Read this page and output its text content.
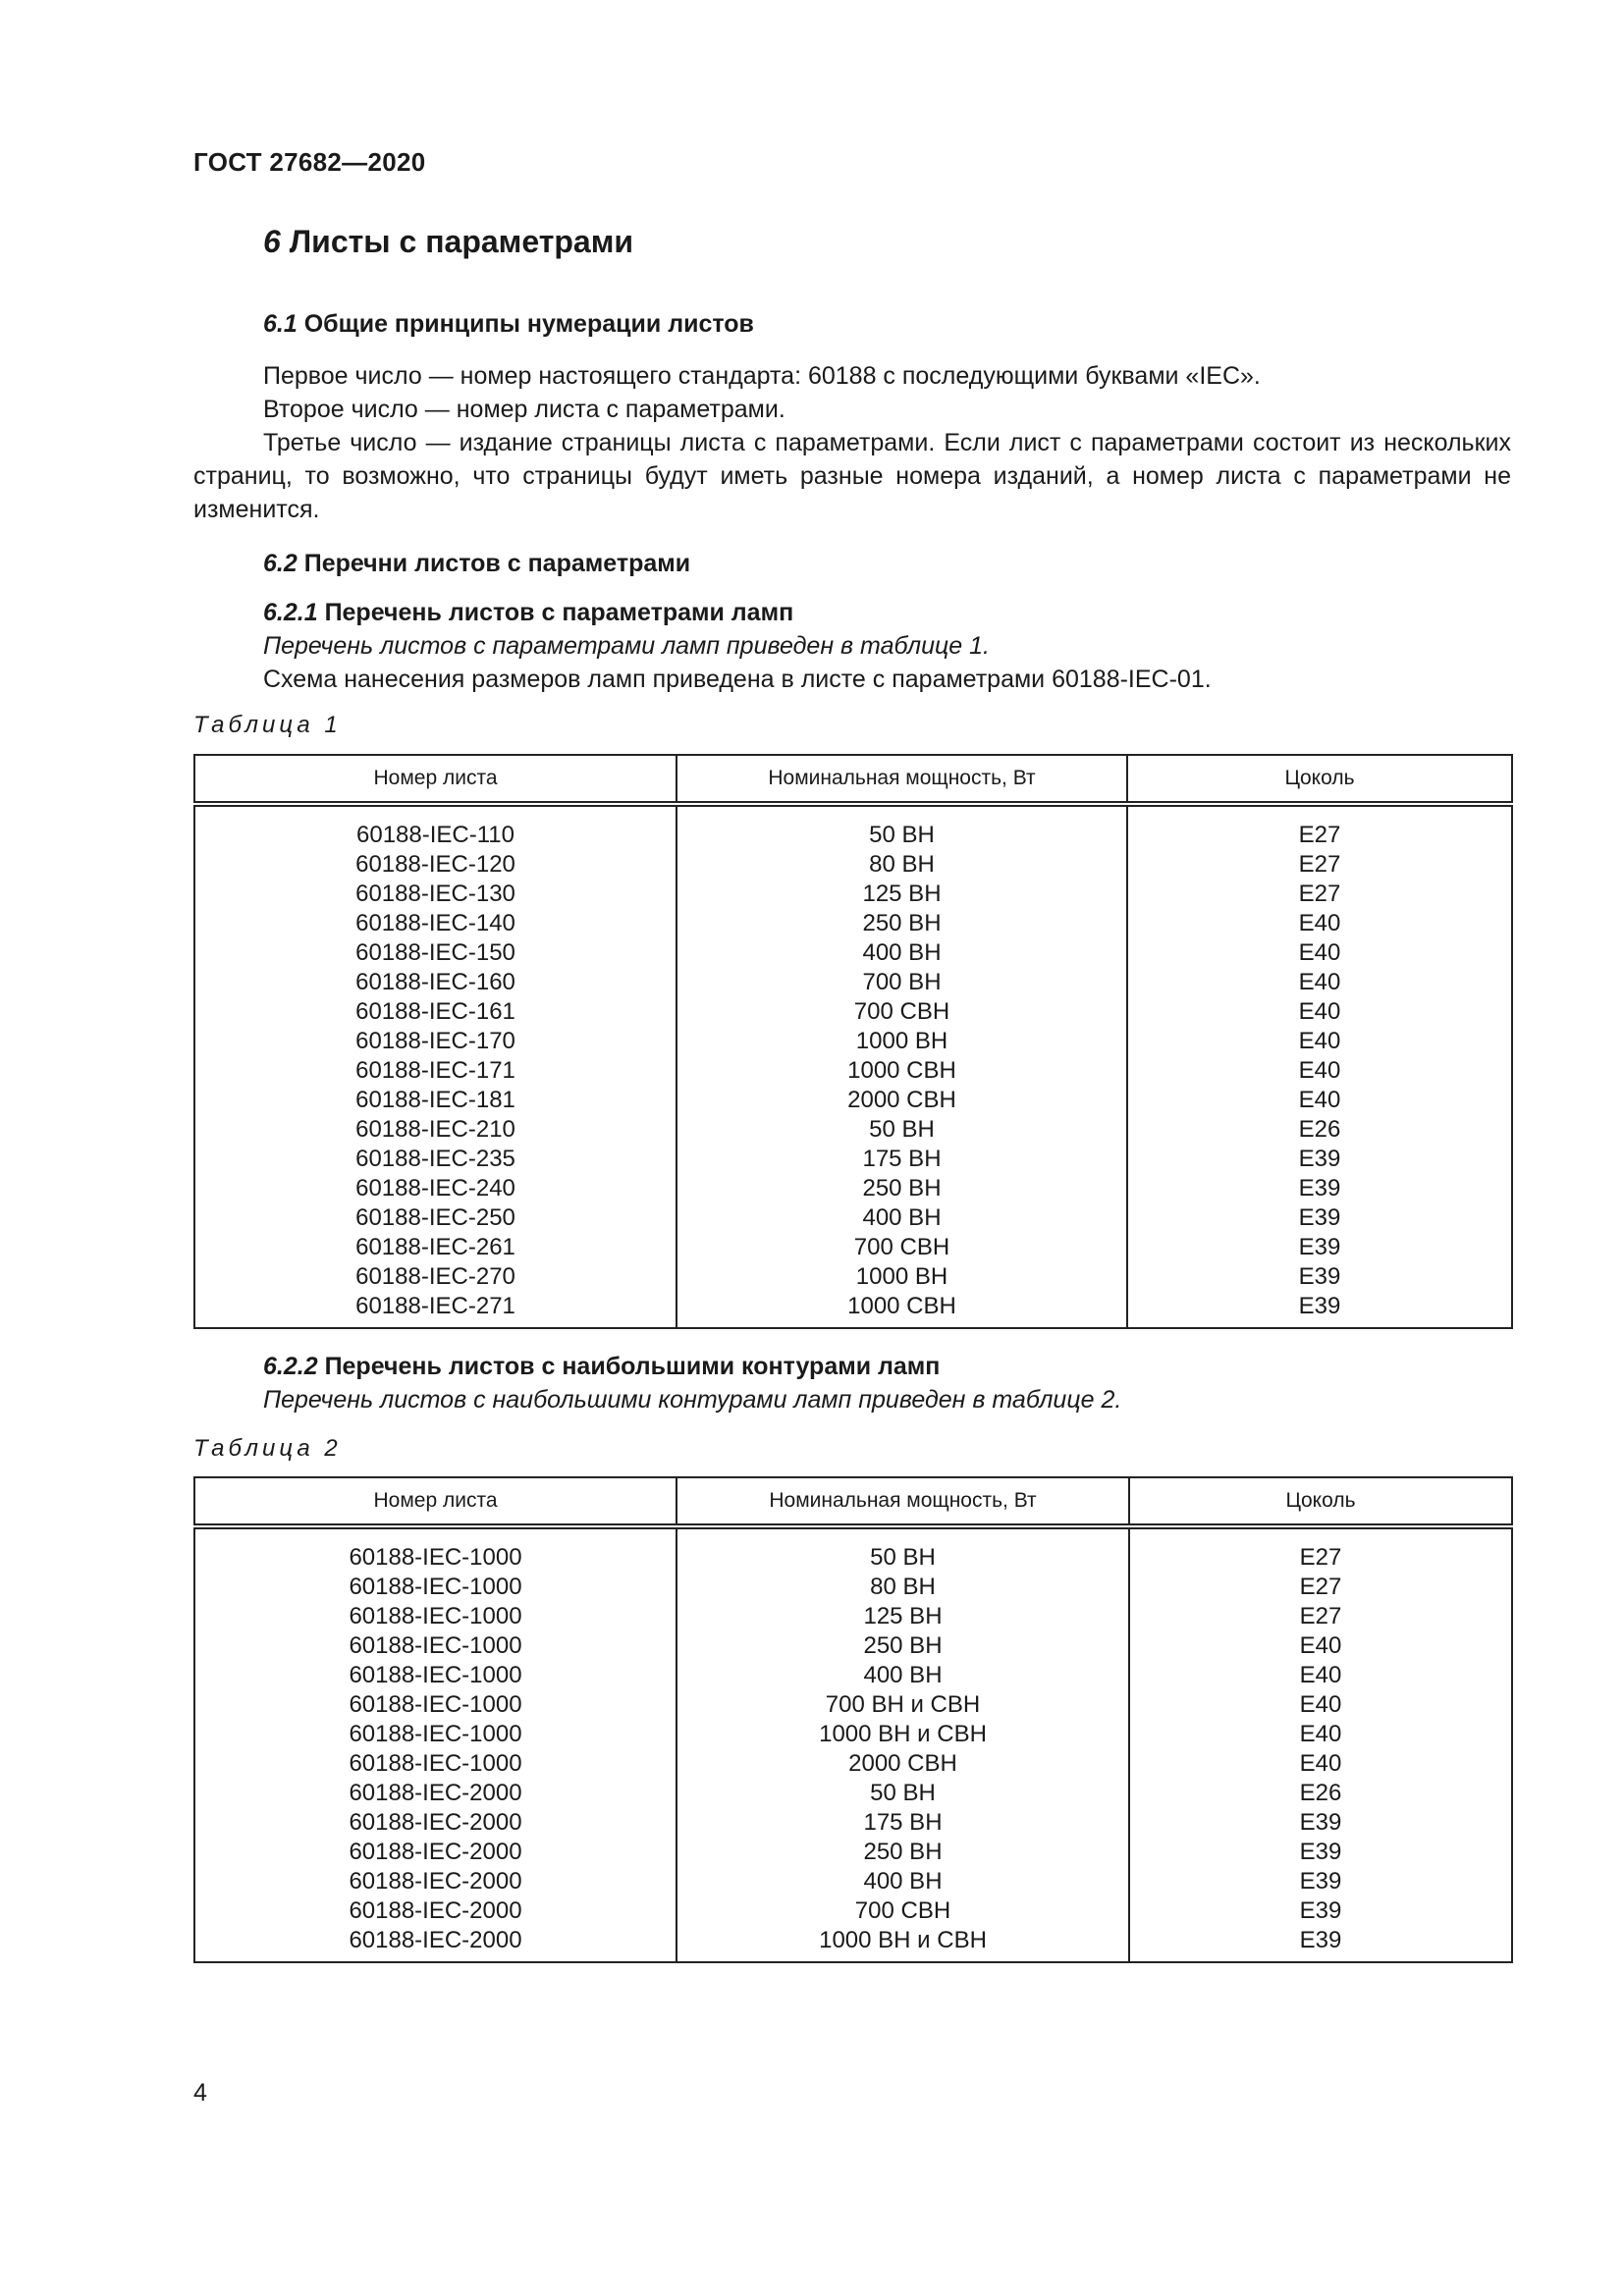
ГОСТ 27682—2020
6 Листы с параметрами
6.1 Общие принципы нумерации листов
Первое число — номер настоящего стандарта: 60188 с последующими буквами «IEC».
Второе число — номер листа с параметрами.
Третье число — издание страницы листа с параметрами. Если лист с параметрами состоит из нескольких страниц, то возможно, что страницы будут иметь разные номера изданий, а номер листа с параметрами не изменится.
6.2 Перечни листов с параметрами
6.2.1 Перечень листов с параметрами ламп
Перечень листов с параметрами ламп приведен в таблице 1.
Схема нанесения размеров ламп приведена в листе с параметрами 60188-IEC-01.
Таблица 1
Номер листа	Номинальная мощность, Вт	Цоколь
60188-IEC-110	50 ВН	E27
60188-IEC-120	80 ВН	E27
60188-IEC-130	125 ВН	E27
60188-IEC-140	250 ВН	E40
60188-IEC-150	400 ВН	E40
60188-IEC-160	700 ВН	E40
60188-IEC-161	700 СВН	E40
60188-IEC-170	1000 ВН	E40
60188-IEC-171	1000 СВН	E40
60188-IEC-181	2000 СВН	E40
60188-IEC-210	50 ВН	E26
60188-IEC-235	175 ВН	E39
60188-IEC-240	250 ВН	E39
60188-IEC-250	400 ВН	E39
60188-IEC-261	700 СВН	E39
60188-IEC-270	1000 ВН	E39
60188-IEC-271	1000 СВН	E39
6.2.2 Перечень листов с наибольшими контурами ламп
Перечень листов с наибольшими контурами ламп приведен в таблице 2.
Таблица 2
Номер листа	Номинальная мощность, Вт	Цоколь
60188-IEC-1000	50 ВН	E27
60188-IEC-1000	80 ВН	E27
60188-IEC-1000	125 ВН	E27
60188-IEC-1000	250 ВН	E40
60188-IEC-1000	400 ВН	E40
60188-IEC-1000	700 ВН и СВН	E40
60188-IEC-1000	1000 ВН и СВН	E40
60188-IEC-1000	2000 СВН	E40
60188-IEC-2000	50 ВН	E26
60188-IEC-2000	175 ВН	E39
60188-IEC-2000	250 ВН	E39
60188-IEC-2000	400 ВН	E39
60188-IEC-2000	700 СВН	E39
60188-IEC-2000	1000 ВН и СВН	E39
4
